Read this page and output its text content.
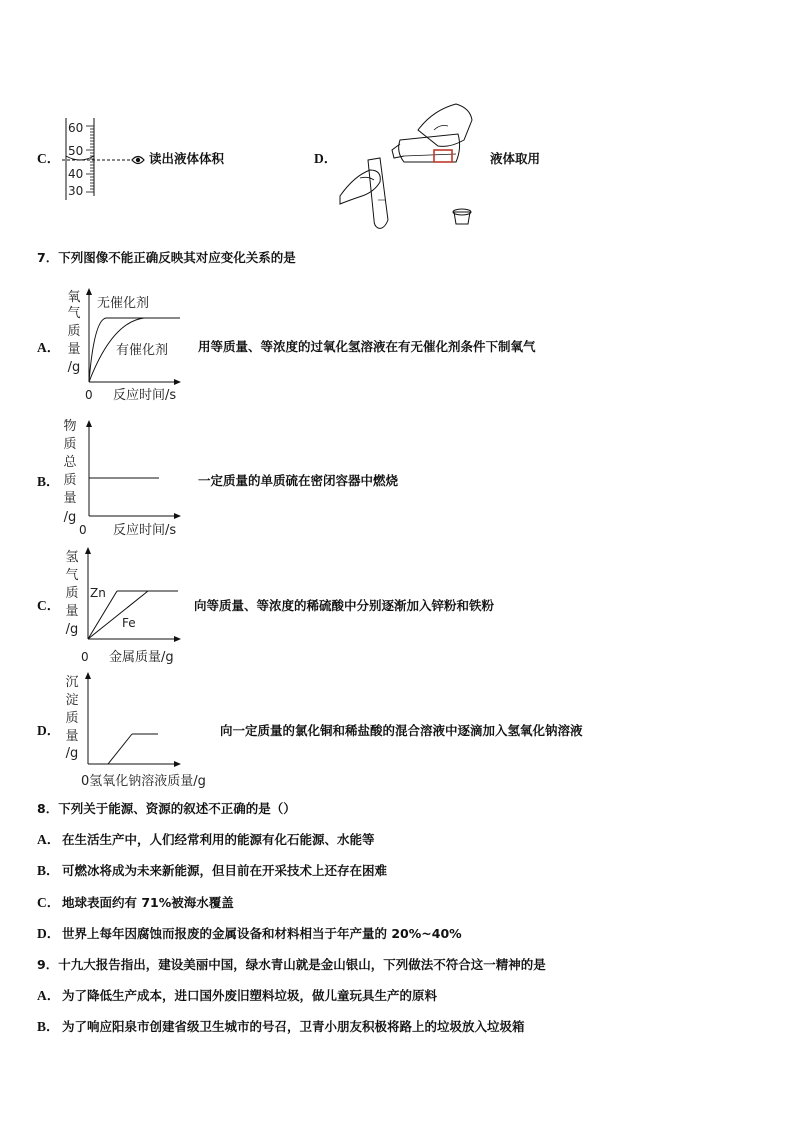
C．
60
50
40
30
读出液体体积	D．	液体取用
7．下列图像不能正确反映其对应变化关系的是
A．
氧
气
质
量
/g
无催化剂
有催化剂
0 反应时间/s
用等质量、等浓度的过氧化氢溶液在有无催化剂条件下制氧气
B．
物
质
总
质
量
/g
0 反应时间/s
一定质量的单质硫在密闭容器中燃烧
C．
氢
气
质
量
/g
Zn
Fe
0 金属质量/g
向等质量、等浓度的稀硫酸中分别逐渐加入锌粉和铁粉
D．
沉
淀
质
量
/g
0氢氧化钠溶液质量/g
向一定质量的氯化铜和稀盐酸的混合溶液中逐滴加入氢氧化钠溶液
8．下列关于能源、资源的叙述不正确的是（）
A． 在生活生产中，人们经常利用的能源有化石能源、水能等
B． 可燃冰将成为未来新能源，但目前在开采技术上还存在困难
C． 地球表面约有 71%被海水覆盖
D． 世界上每年因腐蚀而报废的金属设备和材料相当于年产量的 20%~40%
9．十九大报告指出，建设美丽中国，绿水青山就是金山银山，下列做法不符合这一精神的是
A． 为了降低生产成本，进口国外废旧塑料垃圾，做儿童玩具生产的原料
B． 为了响应阳泉市创建省级卫生城市的号召，卫青小朋友积极将路上的垃圾放入垃圾箱
